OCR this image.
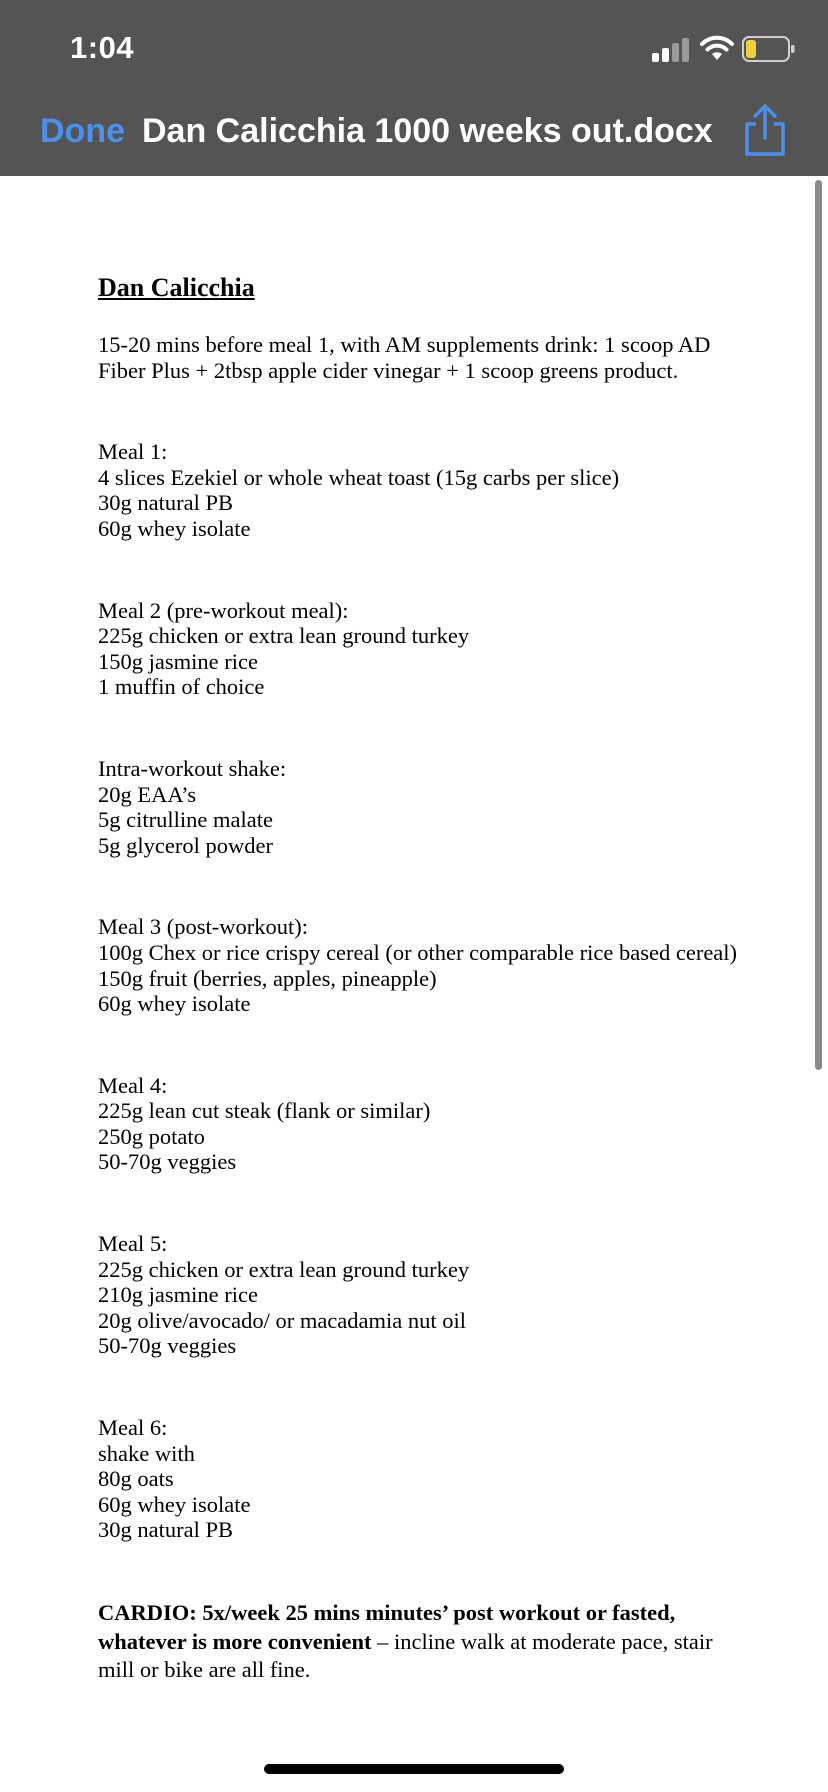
1:04
Done Dan Calicchia 1000 weeks out.docx
Dan Calicchia
15-20 mins before meal 1, with AM supplements drink: 1 scoop AD Fiber Plus + 2tbsp apple cider vinegar + 1 scoop greens product.
Meal 1:
4 slices Ezekiel or whole wheat toast (15g carbs per slice)
30g natural PB
60g whey isolate
Meal 2 (pre-workout meal):
225g chicken or extra lean ground turkey
150g jasmine rice
1 muffin of choice
Intra-workout shake:
20g EAA’s
5g citrulline malate
5g glycerol powder
Meal 3 (post-workout):
100g Chex or rice crispy cereal (or other comparable rice based cereal)
150g fruit (berries, apples, pineapple)
60g whey isolate
Meal 4:
225g lean cut steak (flank or similar)
250g potato
50-70g veggies
Meal 5:
225g chicken or extra lean ground turkey
210g jasmine rice
20g olive/avocado/ or macadamia nut oil
50-70g veggies
Meal 6:
shake with
80g oats
60g whey isolate
30g natural PB
CARDIO: 5x/week 25 mins minutes’ post workout or fasted, whatever is more convenient – incline walk at moderate pace, stair mill or bike are all fine.
